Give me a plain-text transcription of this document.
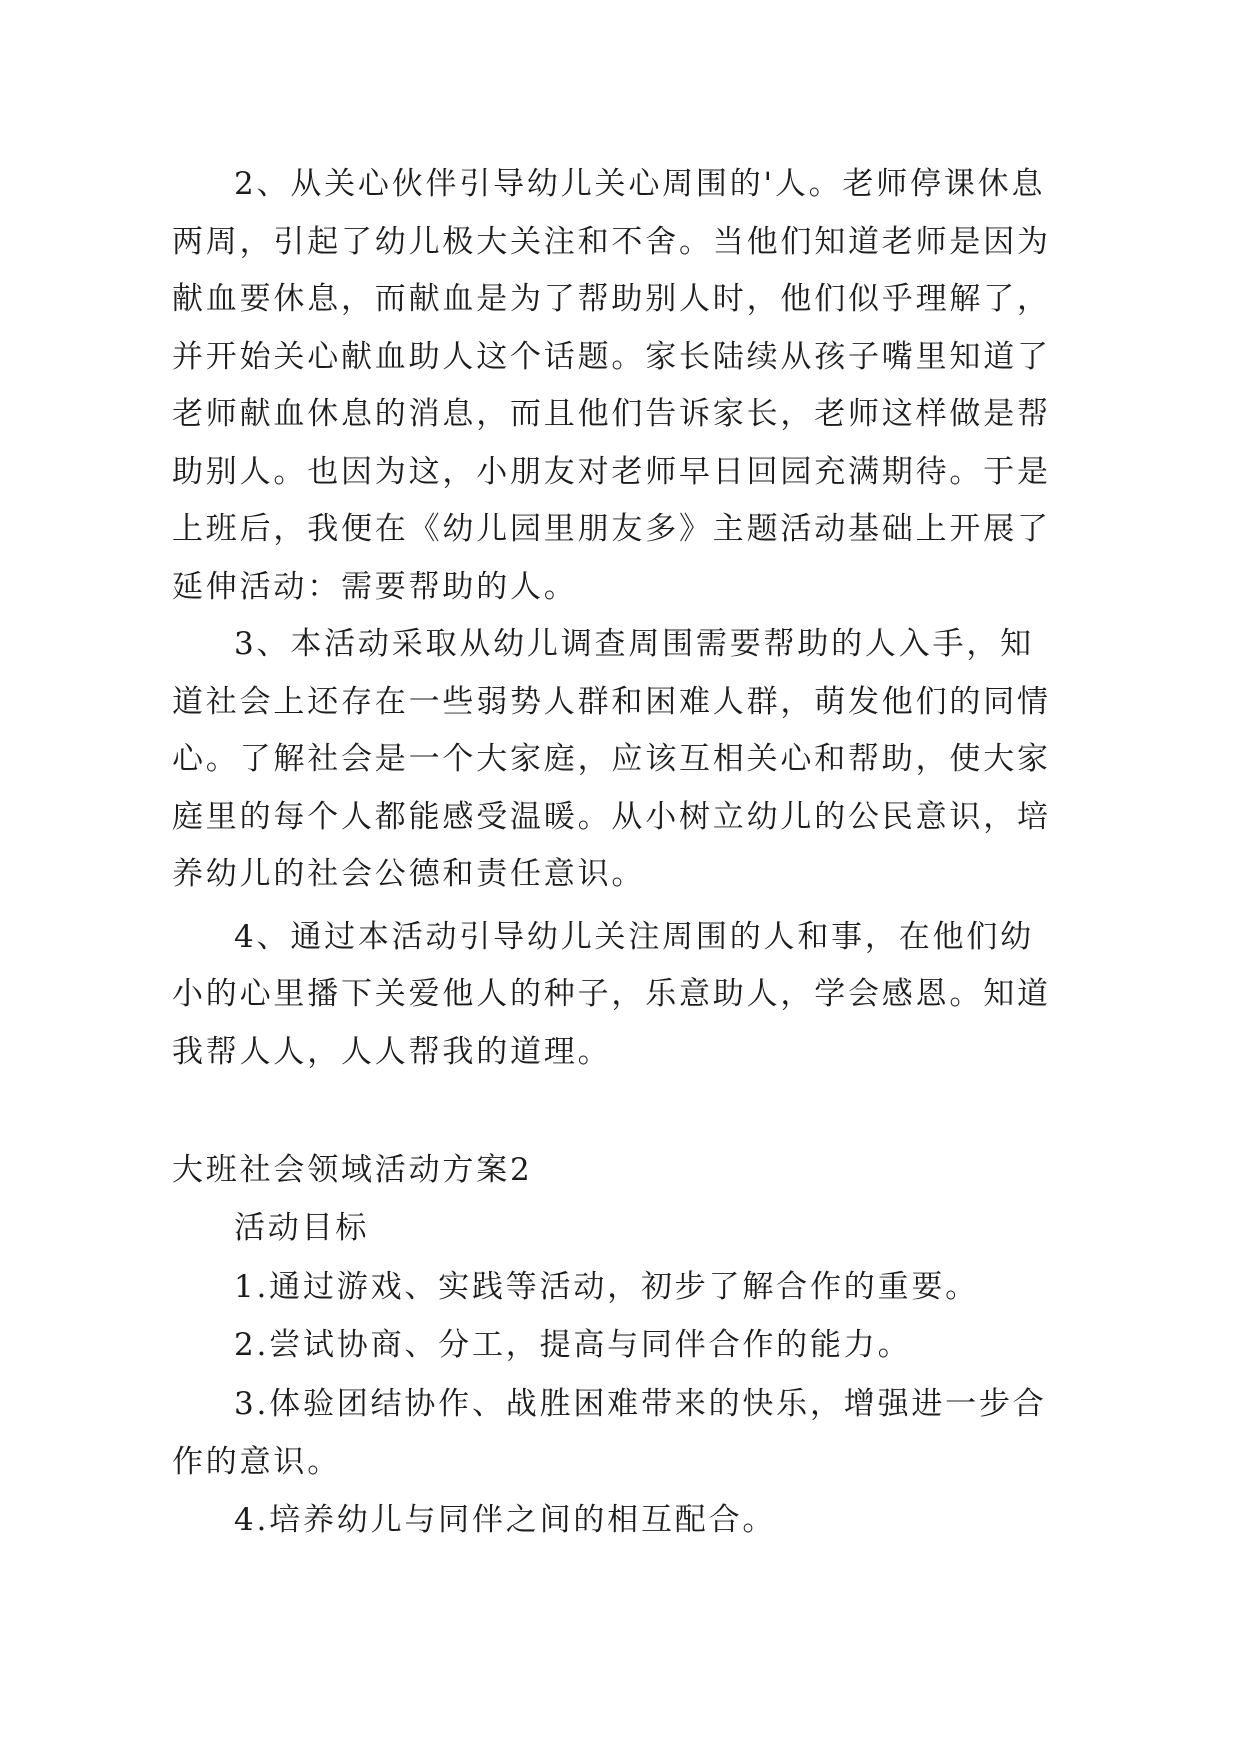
2、从关心伙伴引导幼儿关心周围的'人。老师停课休息
两周，引起了幼儿极大关注和不舍。当他们知道老师是因为
献血要休息，而献血是为了帮助别人时，他们似乎理解了，
并开始关心献血助人这个话题。家长陆续从孩子嘴里知道了
老师献血休息的消息，而且他们告诉家长，老师这样做是帮
助别人。也因为这，小朋友对老师早日回园充满期待。于是
上班后，我便在《幼儿园里朋友多》主题活动基础上开展了
延伸活动：需要帮助的人。
3、本活动采取从幼儿调查周围需要帮助的人入手，知
道社会上还存在一些弱势人群和困难人群，萌发他们的同情
心。了解社会是一个大家庭，应该互相关心和帮助，使大家
庭里的每个人都能感受温暖。从小树立幼儿的公民意识，培
养幼儿的社会公德和责任意识。
4、通过本活动引导幼儿关注周围的人和事，在他们幼
小的心里播下关爱他人的种子，乐意助人，学会感恩。知道
我帮人人，人人帮我的道理。
大班社会领域活动方案2
活动目标
1.通过游戏、实践等活动，初步了解合作的重要。
2.尝试协商、分工，提高与同伴合作的能力。
3.体验团结协作、战胜困难带来的快乐，增强进一步合
作的意识。
4.培养幼儿与同伴之间的相互配合。
